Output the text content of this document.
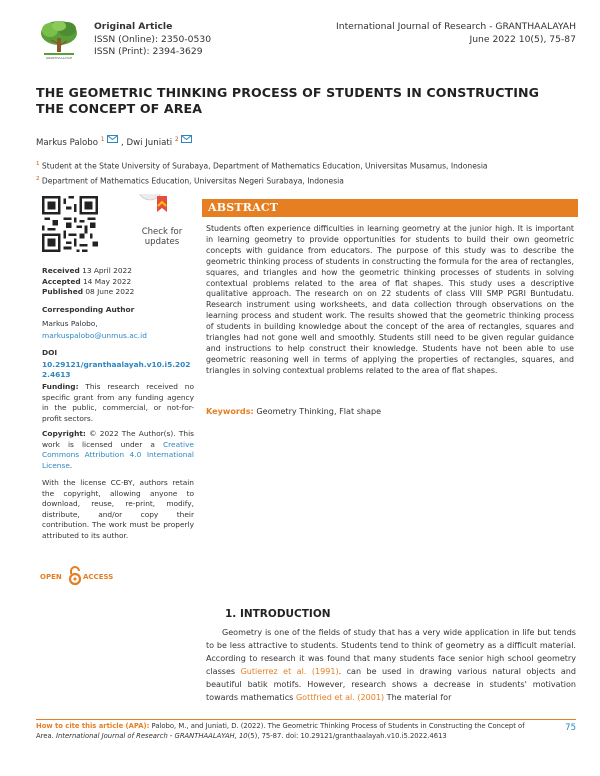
GRANTHAALAYAH
Original Article
ISSN (Online): 2350-0530
ISSN (Print): 2394-3629
International Journal of Research - GRANTHAALAYAH
June 2022 10(5), 75-87
THE GEOMETRIC THINKING PROCESS OF STUDENTS IN CONSTRUCTING THE CONCEPT OF AREA
Markus Palobo $^1$ , Dwi Juniati $^2$
$^1$ Student at the State University of Surabaya, Department of Mathematics Education, Universitas Musamus, Indonesia
$^2$ Department of Mathematics Education, Universitas Negeri Surabaya, Indonesia
Check for
updates
Received 13 April 2022
Accepted 14 May 2022
Published 08 June 2022
Corresponding Author
Markus Palobo,
markuspalobo@unmus.ac.id
DOI
10.29121/granthaalayah.v10.i5.2022.4613
Funding: This research received no specific grant from any funding agency in the public, commercial, or not-for-profit sectors.
Copyright: © 2022 The Author(s). This work is licensed under a Creative Commons Attribution 4.0 International License.
With the license CC-BY, authors retain the copyright, allowing anyone to download, reuse, re-print, modify, distribute, and/or copy their contribution. The work must be properly attributed to its author.
OPEN	ACCESS
ABSTRACT
Students often experience difficulties in learning geometry at the junior high. It is important in learning geometry to provide opportunities for students to build their own geometric concepts with guidance from educators. The purpose of this study was to describe the geometric thinking process of students in constructing the formula for the area of rectangles, squares, and triangles and how the geometric thinking processes of students in solving contextual problems related to the area of flat shapes. This study uses a descriptive qualitative approach. The research on on 22 students of class VIII SMP PGRI Buntudatu. Research instrument using worksheets, and data collection through observations on the learning process and student work. The results showed that the geometric thinking process of students in building knowledge about the concept of the area of rectangles, squares and triangles had not gone well and smoothly. Students still need to be given regular guidance and instructions to help construct their knowledge. Students have not been able to use geometric reasoning well in terms of applying the properties of rectangles, squares, and triangles in solving contextual problems related to the area of flat shapes.
Keywords: Geometry Thinking, Flat shape
1. INTRODUCTION
Geometry is one of the fields of study that has a very wide application in life but tends to be less attractive to students. Students tend to think of geometry as a difficult material. According to research it was found that many students face senior high school geometry classes Gutierrez et al. (1991). can be used in drawing various natural objects and beautiful batik motifs. However, research shows a decrease in students' motivation towards mathematics Gottfried et al. (2001) The material for
How to cite this article (APA): Palobo, M., and Juniati, D. (2022). The Geometric Thinking Process of Students in Constructing the Concept of Area. International Journal of Research - GRANTHAALAYAH, 10(5), 75-87. doi: 10.29121/granthaalayah.v10.i5.2022.4613
75
